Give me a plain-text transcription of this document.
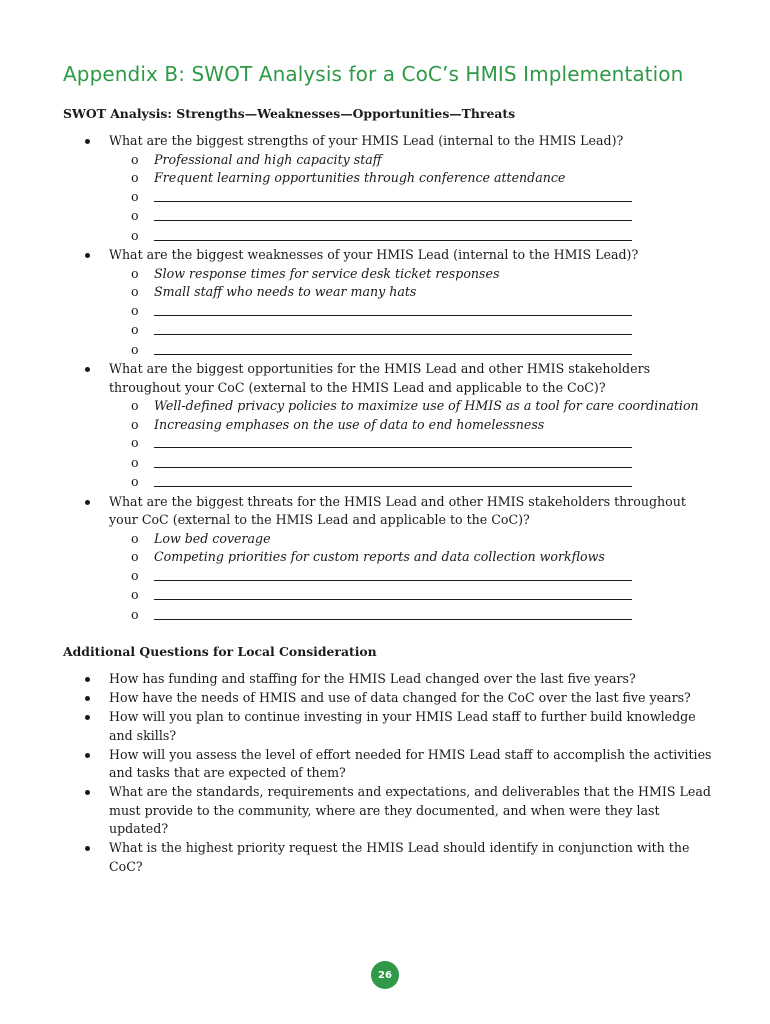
Appendix B: SWOT Analysis for a CoC’s HMIS Implementation
SWOT Analysis: Strengths—Weaknesses—Opportunities—Threats
What are the biggest strengths of your HMIS Lead (internal to the HMIS Lead)?
o Professional and high capacity staff
o Frequent learning opportunities through conference attendance
o
o
o
What are the biggest weaknesses of your HMIS Lead (internal to the HMIS Lead)?
o Slow response times for service desk ticket responses
o Small staff who needs to wear many hats
o
o
o
What are the biggest opportunities for the HMIS Lead and other HMIS stakeholders throughout your CoC (external to the HMIS Lead and applicable to the CoC)?
o Well-defined privacy policies to maximize use of HMIS as a tool for care coordination
o Increasing emphases on the use of data to end homelessness
o
o
o
What are the biggest threats for the HMIS Lead and other HMIS stakeholders throughout your CoC (external to the HMIS Lead and applicable to the CoC)?
o Low bed coverage
o Competing priorities for custom reports and data collection workflows
o
o
o
Additional Questions for Local Consideration
How has funding and staffing for the HMIS Lead changed over the last five years?
How have the needs of HMIS and use of data changed for the CoC over the last five years?
How will you plan to continue investing in your HMIS Lead staff to further build knowledge and skills?
How will you assess the level of effort needed for HMIS Lead staff to accomplish the activities and tasks that are expected of them?
What are the standards, requirements and expectations, and deliverables that the HMIS Lead must provide to the community, where are they documented, and when were they last updated?
What is the highest priority request the HMIS Lead should identify in conjunction with the CoC?
26
